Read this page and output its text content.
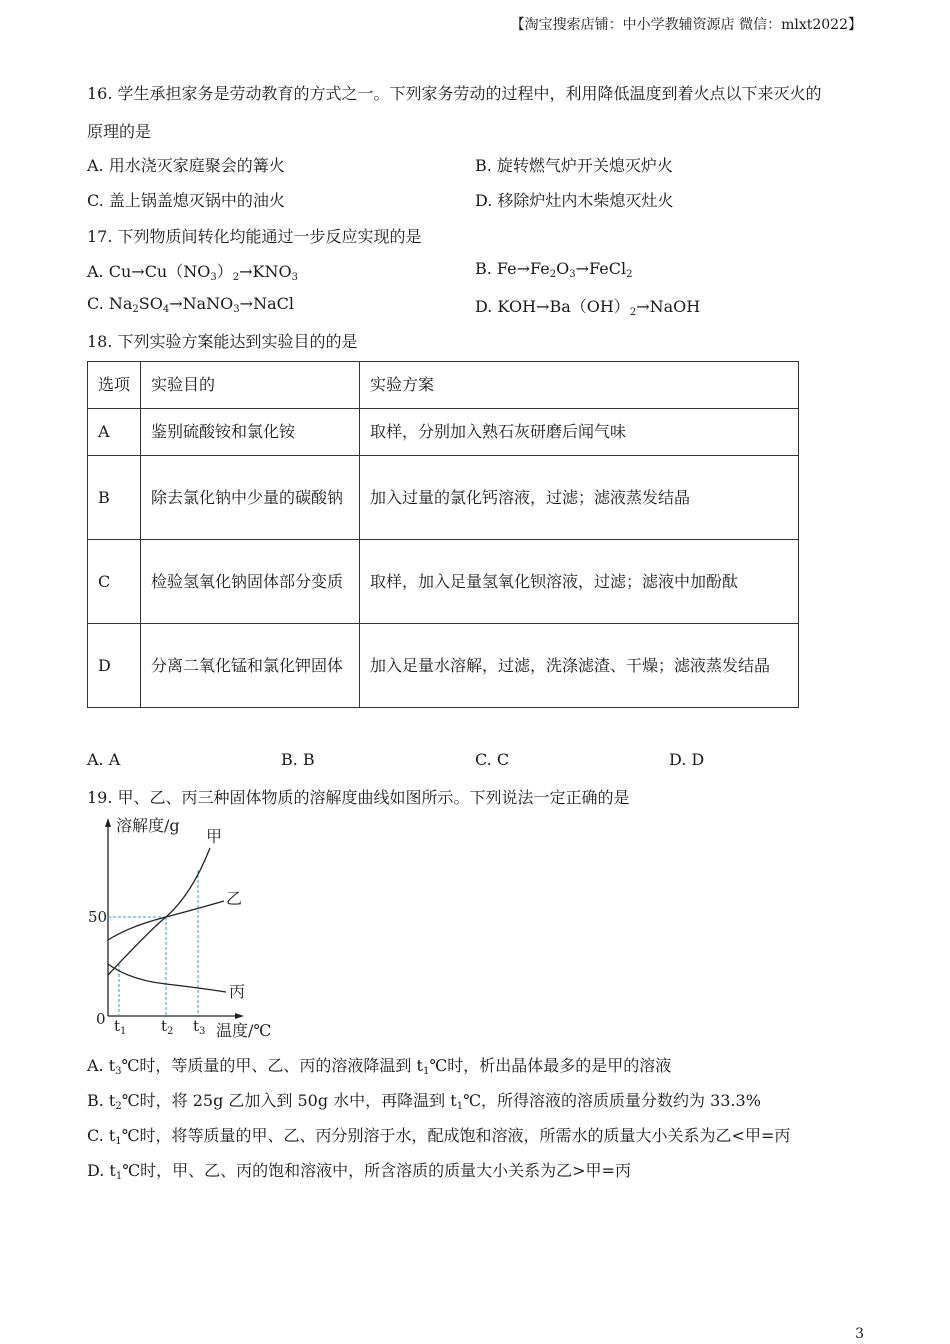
【淘宝搜索店铺：中小学教辅资源店 微信：mlxt2022】
16. 学生承担家务是劳动教育的方式之一。下列家务劳动的过程中，利用降低温度到着火点以下来灭火的
原理的是
A. 用水浇灭家庭聚会的篝火	B. 旋转燃气炉开关熄灭炉火
C. 盖上锅盖熄灭锅中的油火	D. 移除炉灶内木柴熄灭灶火
17. 下列物质间转化均能通过一步反应实现的是
A. $Cu\to Cu(NO_3)_2\to KNO_3$	B. $Fe\to Fe_2O_3\to FeCl_2$
C. $Na_2SO_4\to NaNO_3\to NaCl$	D. $KOH\to Ba(OH)_2\to NaOH$
18. 下列实验方案能达到实验目的的是
选项	实验目的	实验方案
A	鉴别硫酸铵和氯化铵	取样，分别加入熟石灰研磨后闻气味
B	除去氯化钠中少量的碳酸钠	加入过量的氯化钙溶液，过滤；滤液蒸发结晶
C	检验氢氧化钠固体部分变质	取样，加入足量氢氧化钡溶液，过滤；滤液中加酚酞
D	分离二氧化锰和氯化钾固体	加入足量水溶解，过滤，洗涤滤渣、干燥；滤液蒸发结晶
A. A	B. B	C. C	D. D
19. 甲、乙、丙三种固体物质的溶解度曲线如图所示。下列说法一定正确的是
溶解度/g
甲
乙
丙
50
0 $t_1$ $t_2$ $t_3$ 温度/℃
A. $t_3℃$时，等质量的甲、乙、丙的溶液降温到 $t_1℃$时，析出晶体最多的是甲的溶液
B. $t_2℃$时，将 25g 乙加入到 50g 水中，再降温到 $t_1℃$，所得溶液的溶质质量分数约为 33.3%
C. $t_1℃$时，将等质量的甲、乙、丙分别溶于水，配成饱和溶液，所需水的质量大小关系为乙<甲=丙
D. $t_1℃$时，甲、乙、丙的饱和溶液中，所含溶质的质量大小关系为乙>甲=丙
3
